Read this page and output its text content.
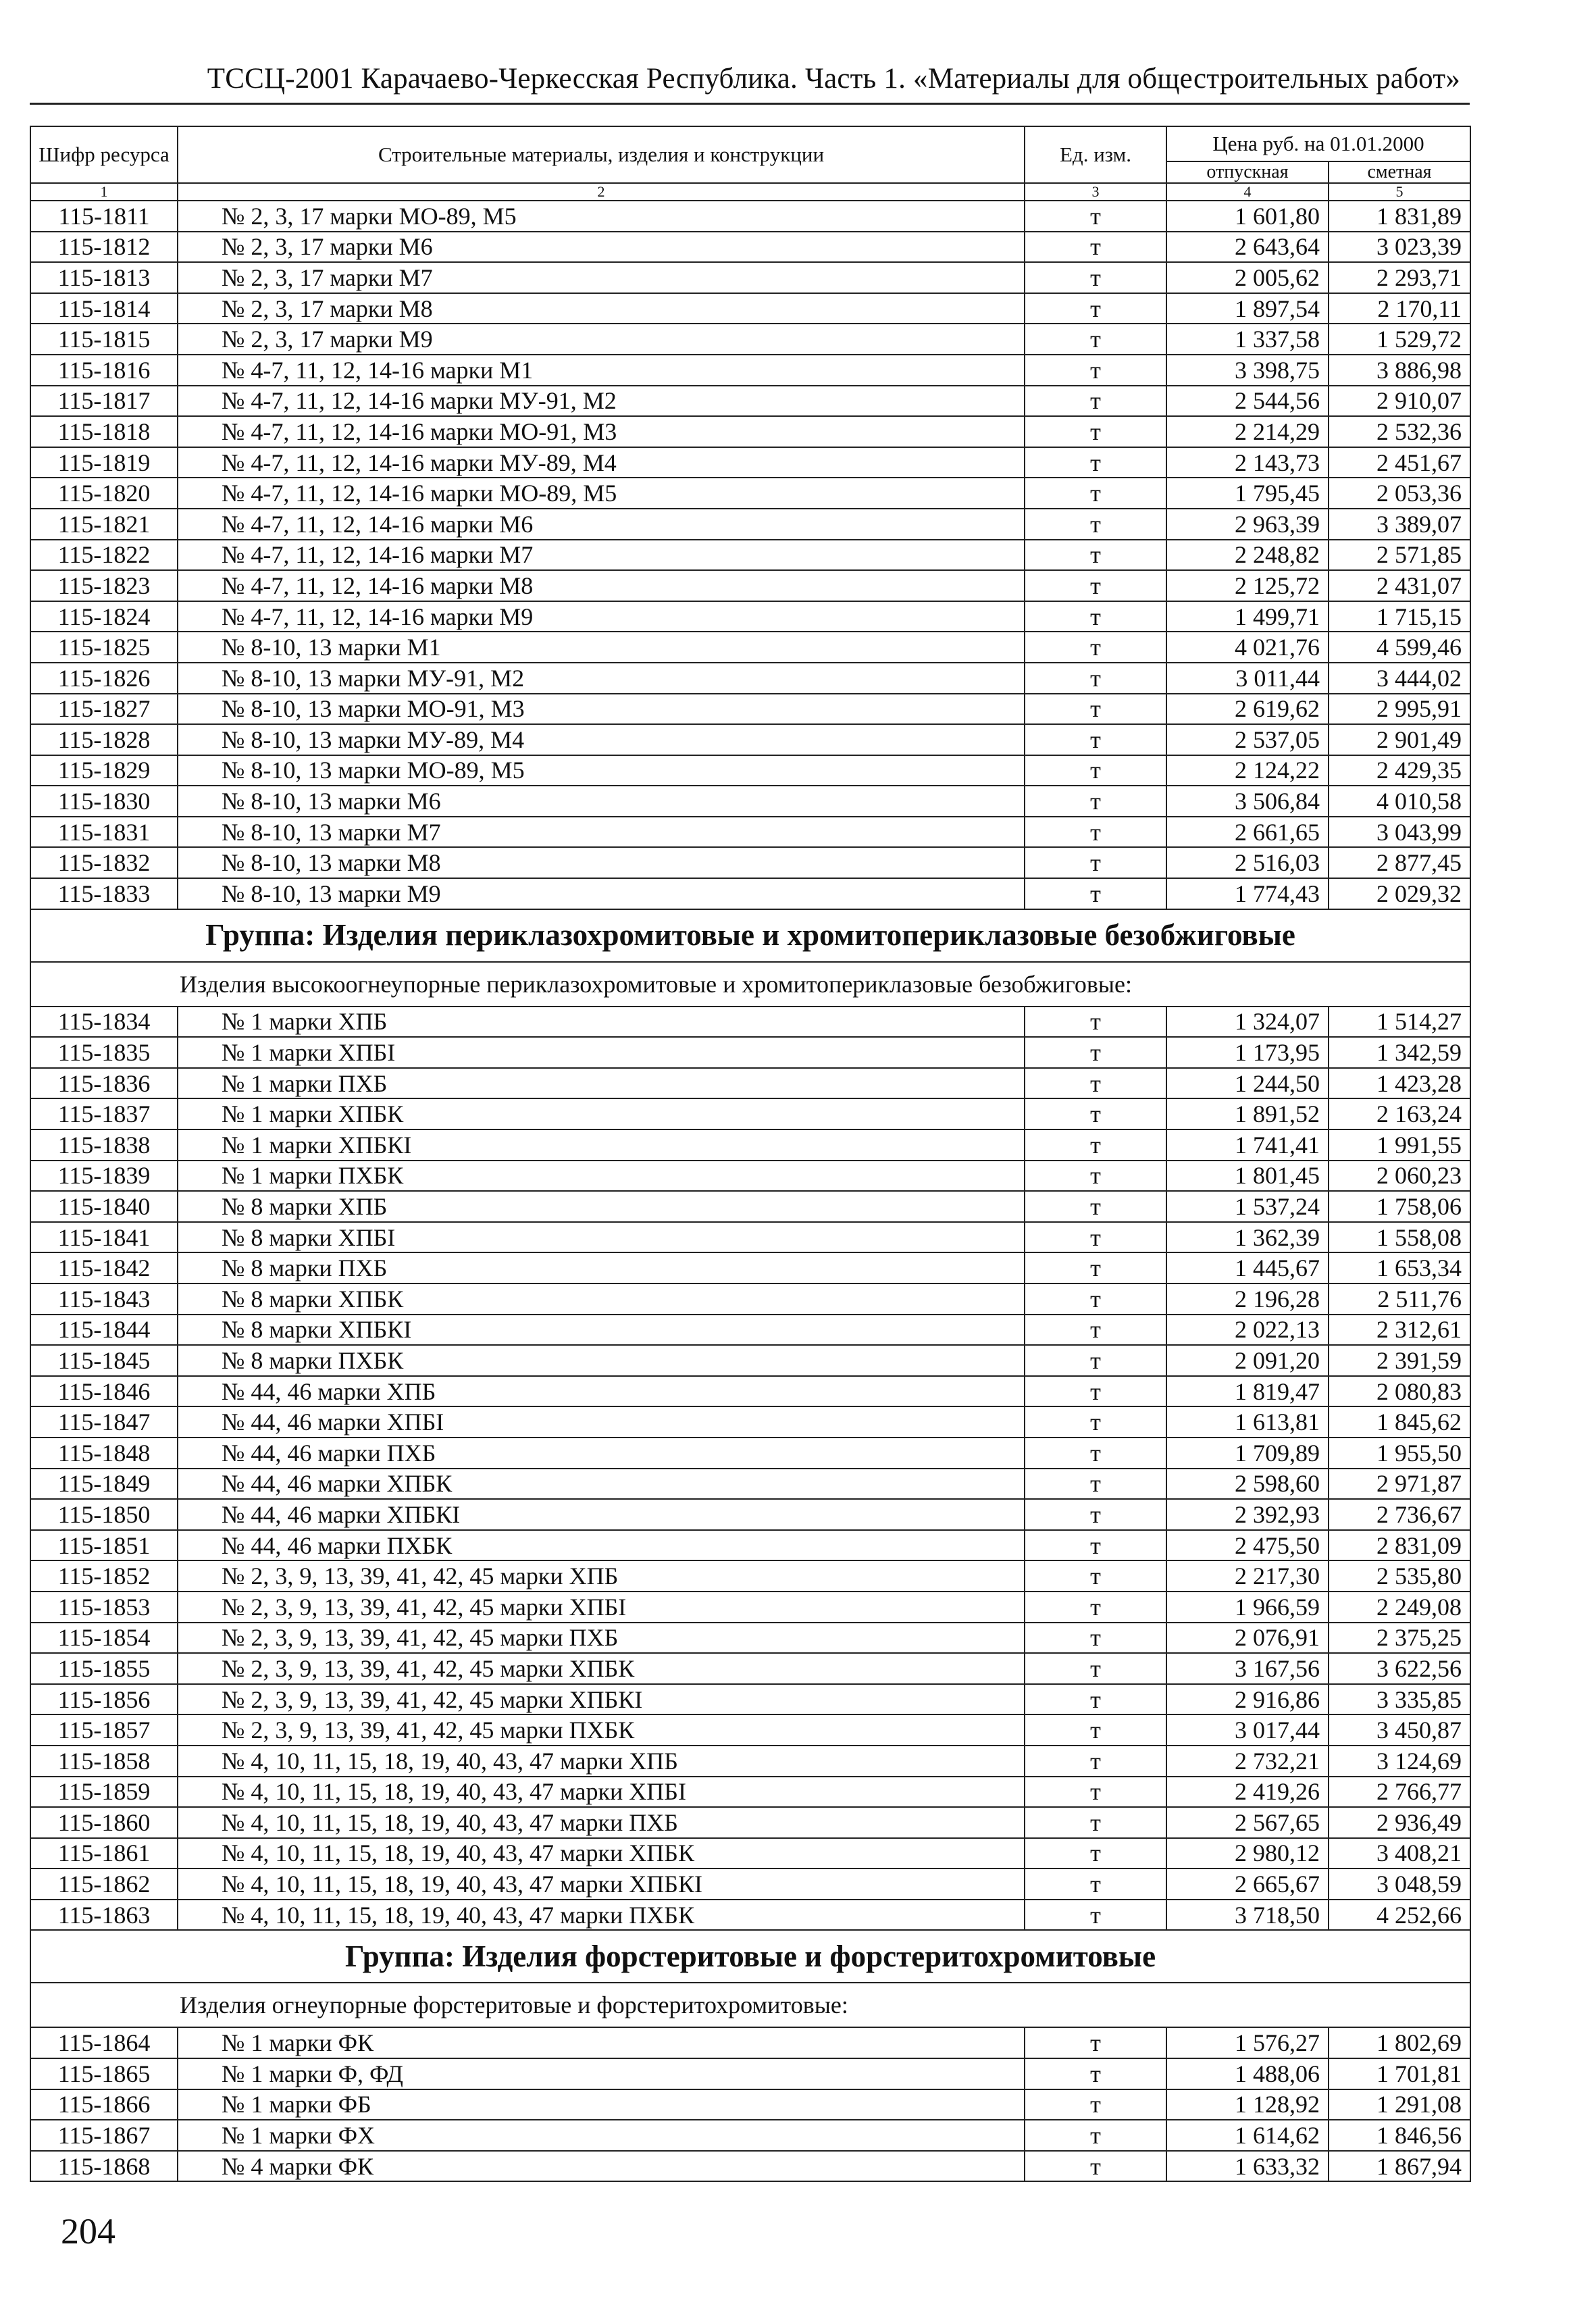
ТССЦ-2001 Карачаево-Черкесская Республика. Часть 1. «Материалы для общестроительных работ»
Шифр ресурса	Строительные материалы, изделия и конструкции	Ед. изм.	Цена руб. на 01.01.2000	
			отпускная	сметная
1	2	3	4	5
115-1811	№ 2, 3, 17 марки МО-89, М5	т	1 601,80	1 831,89
115-1812	№ 2, 3, 17 марки М6	т	2 643,64	3 023,39
115-1813	№ 2, 3, 17 марки М7	т	2 005,62	2 293,71
115-1814	№ 2, 3, 17 марки М8	т	1 897,54	2 170,11
115-1815	№ 2, 3, 17 марки М9	т	1 337,58	1 529,72
115-1816	№ 4-7, 11, 12, 14-16 марки М1	т	3 398,75	3 886,98
115-1817	№ 4-7, 11, 12, 14-16 марки МУ-91, М2	т	2 544,56	2 910,07
115-1818	№ 4-7, 11, 12, 14-16 марки МО-91, М3	т	2 214,29	2 532,36
115-1819	№ 4-7, 11, 12, 14-16 марки МУ-89, М4	т	2 143,73	2 451,67
115-1820	№ 4-7, 11, 12, 14-16 марки МО-89, М5	т	1 795,45	2 053,36
115-1821	№ 4-7, 11, 12, 14-16 марки М6	т	2 963,39	3 389,07
115-1822	№ 4-7, 11, 12, 14-16 марки М7	т	2 248,82	2 571,85
115-1823	№ 4-7, 11, 12, 14-16 марки М8	т	2 125,72	2 431,07
115-1824	№ 4-7, 11, 12, 14-16 марки М9	т	1 499,71	1 715,15
115-1825	№ 8-10, 13 марки М1	т	4 021,76	4 599,46
115-1826	№ 8-10, 13 марки МУ-91, М2	т	3 011,44	3 444,02
115-1827	№ 8-10, 13 марки МО-91, М3	т	2 619,62	2 995,91
115-1828	№ 8-10, 13 марки МУ-89, М4	т	2 537,05	2 901,49
115-1829	№ 8-10, 13 марки МО-89, М5	т	2 124,22	2 429,35
115-1830	№ 8-10, 13 марки М6	т	3 506,84	4 010,58
115-1831	№ 8-10, 13 марки М7	т	2 661,65	3 043,99
115-1832	№ 8-10, 13 марки М8	т	2 516,03	2 877,45
115-1833	№ 8-10, 13 марки М9	т	1 774,43	2 029,32
Группа: Изделия периклазохромитовые и хромитопериклазовые безобжиговые				
Изделия высокоогнеупорные периклазохромитовые и хромитопериклазовые безобжиговые:				
115-1834	№ 1 марки ХПБ	т	1 324,07	1 514,27
115-1835	№ 1 марки ХПБI	т	1 173,95	1 342,59
115-1836	№ 1 марки ПХБ	т	1 244,50	1 423,28
115-1837	№ 1 марки ХПБК	т	1 891,52	2 163,24
115-1838	№ 1 марки ХПБКI	т	1 741,41	1 991,55
115-1839	№ 1 марки ПХБК	т	1 801,45	2 060,23
115-1840	№ 8 марки ХПБ	т	1 537,24	1 758,06
115-1841	№ 8 марки ХПБI	т	1 362,39	1 558,08
115-1842	№ 8 марки ПХБ	т	1 445,67	1 653,34
115-1843	№ 8 марки ХПБК	т	2 196,28	2 511,76
115-1844	№ 8 марки ХПБКI	т	2 022,13	2 312,61
115-1845	№ 8 марки ПХБК	т	2 091,20	2 391,59
115-1846	№ 44, 46 марки ХПБ	т	1 819,47	2 080,83
115-1847	№ 44, 46 марки ХПБI	т	1 613,81	1 845,62
115-1848	№ 44, 46 марки ПХБ	т	1 709,89	1 955,50
115-1849	№ 44, 46 марки ХПБК	т	2 598,60	2 971,87
115-1850	№ 44, 46 марки ХПБКI	т	2 392,93	2 736,67
115-1851	№ 44, 46 марки ПХБК	т	2 475,50	2 831,09
115-1852	№ 2, 3, 9, 13, 39, 41, 42, 45 марки ХПБ	т	2 217,30	2 535,80
115-1853	№ 2, 3, 9, 13, 39, 41, 42, 45 марки ХПБI	т	1 966,59	2 249,08
115-1854	№ 2, 3, 9, 13, 39, 41, 42, 45 марки ПХБ	т	2 076,91	2 375,25
115-1855	№ 2, 3, 9, 13, 39, 41, 42, 45 марки ХПБК	т	3 167,56	3 622,56
115-1856	№ 2, 3, 9, 13, 39, 41, 42, 45 марки ХПБКI	т	2 916,86	3 335,85
115-1857	№ 2, 3, 9, 13, 39, 41, 42, 45 марки ПХБК	т	3 017,44	3 450,87
115-1858	№ 4, 10, 11, 15, 18, 19, 40, 43, 47 марки ХПБ	т	2 732,21	3 124,69
115-1859	№ 4, 10, 11, 15, 18, 19, 40, 43, 47 марки ХПБI	т	2 419,26	2 766,77
115-1860	№ 4, 10, 11, 15, 18, 19, 40, 43, 47 марки ПХБ	т	2 567,65	2 936,49
115-1861	№ 4, 10, 11, 15, 18, 19, 40, 43, 47 марки ХПБК	т	2 980,12	3 408,21
115-1862	№ 4, 10, 11, 15, 18, 19, 40, 43, 47 марки ХПБКI	т	2 665,67	3 048,59
115-1863	№ 4, 10, 11, 15, 18, 19, 40, 43, 47 марки ПХБК	т	3 718,50	4 252,66
Группа: Изделия форстеритовые и форстеритохромитовые				
Изделия огнеупорные форстеритовые и форстеритохромитовые:				
115-1864	№ 1 марки ФК	т	1 576,27	1 802,69
115-1865	№ 1 марки Ф, ФД	т	1 488,06	1 701,81
115-1866	№ 1 марки ФБ	т	1 128,92	1 291,08
115-1867	№ 1 марки ФХ	т	1 614,62	1 846,56
115-1868	№ 4 марки ФК	т	1 633,32	1 867,94
204
